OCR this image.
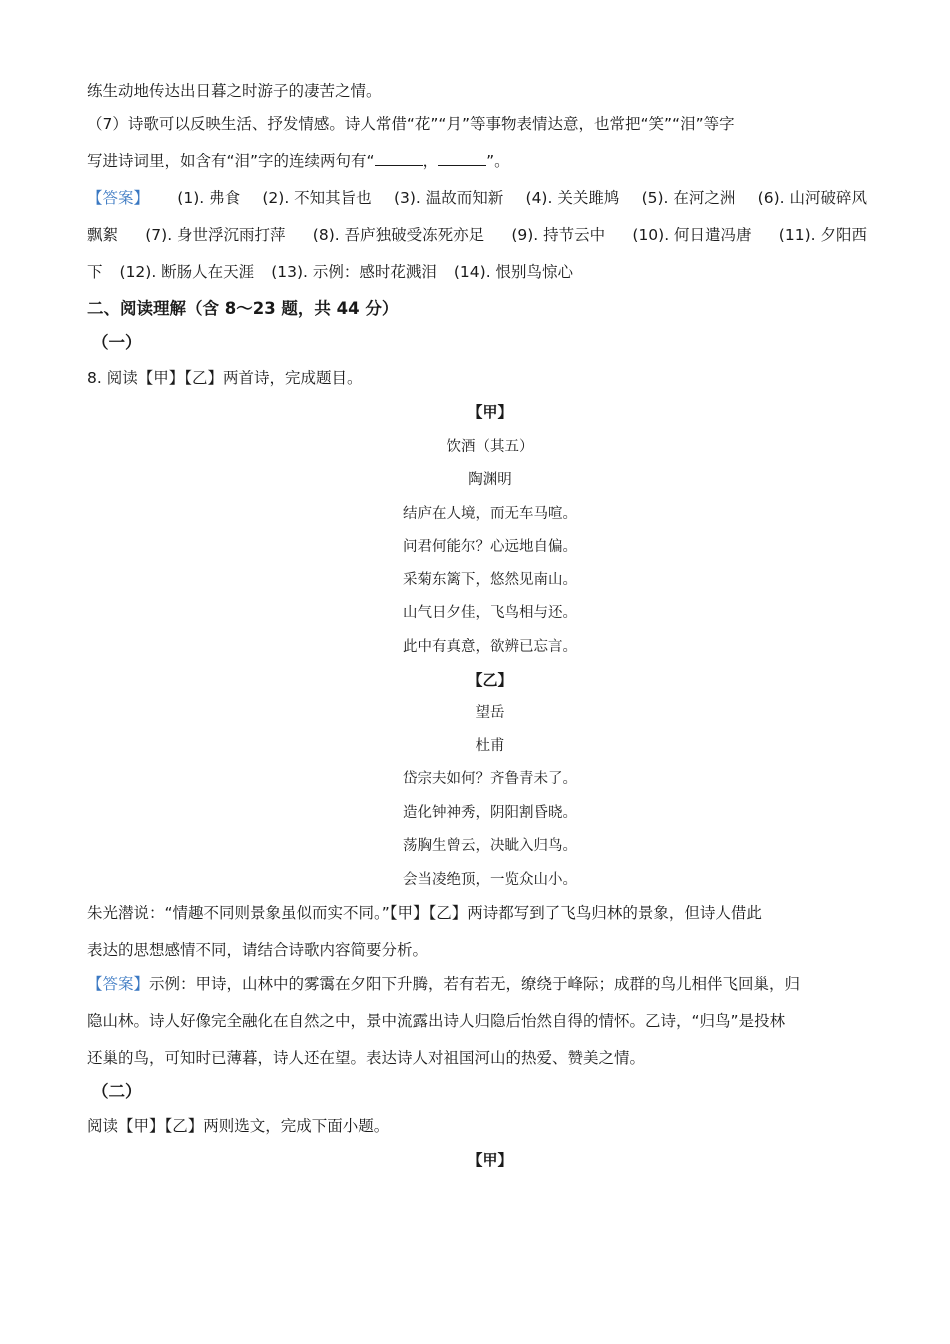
练生动地传达出日暮之时游子的凄苦之情。
（7）诗歌可以反映生活、抒发情感。诗人常借“花”“月”等事物表情达意，也常把“笑”“泪”等字
写进诗词里，如含有“泪”字的连续两句有“	，	”。
【答案】 (1). 弗食 (2). 不知其旨也 (3). 温故而知新 (4). 关关雎鸠 (5). 在河之洲 (6). 山河破碎风
飘絮 (7). 身世浮沉雨打萍 (8). 吾庐独破受冻死亦足 (9). 持节云中 (10). 何日遣冯唐 (11). 夕阳西
下 (12). 断肠人在天涯 (13). 示例：感时花溅泪 (14). 恨别鸟惊心
二、阅读理解（含 8～23 题，共 44 分）
（一）
8. 阅读【甲】【乙】两首诗，完成题目。
【甲】
饮酒（其五）
陶渊明
结庐在人境，而无车马喧。
问君何能尔？心远地自偏。
采菊东篱下，悠然见南山。
山气日夕佳，飞鸟相与还。
此中有真意，欲辨已忘言。
【乙】
望岳
杜甫
岱宗夫如何？齐鲁青未了。
造化钟神秀，阴阳割昏晓。
荡胸生曾云，决眦入归鸟。
会当凌绝顶，一览众山小。
朱光潜说：“情趣不同则景象虽似而实不同。”【甲】【乙】两诗都写到了飞鸟归林的景象，但诗人借此
表达的思想感情不同，请结合诗歌内容简要分析。
【答案】示例：甲诗，山林中的雾霭在夕阳下升腾，若有若无，缭绕于峰际；成群的鸟儿相伴飞回巢，归
隐山林。诗人好像完全融化在自然之中，景中流露出诗人归隐后怡然自得的情怀。乙诗，“归鸟”是投林
还巢的鸟，可知时已薄暮，诗人还在望。表达诗人对祖国河山的热爱、赞美之情。
（二）
阅读【甲】【乙】两则选文，完成下面小题。
【甲】
